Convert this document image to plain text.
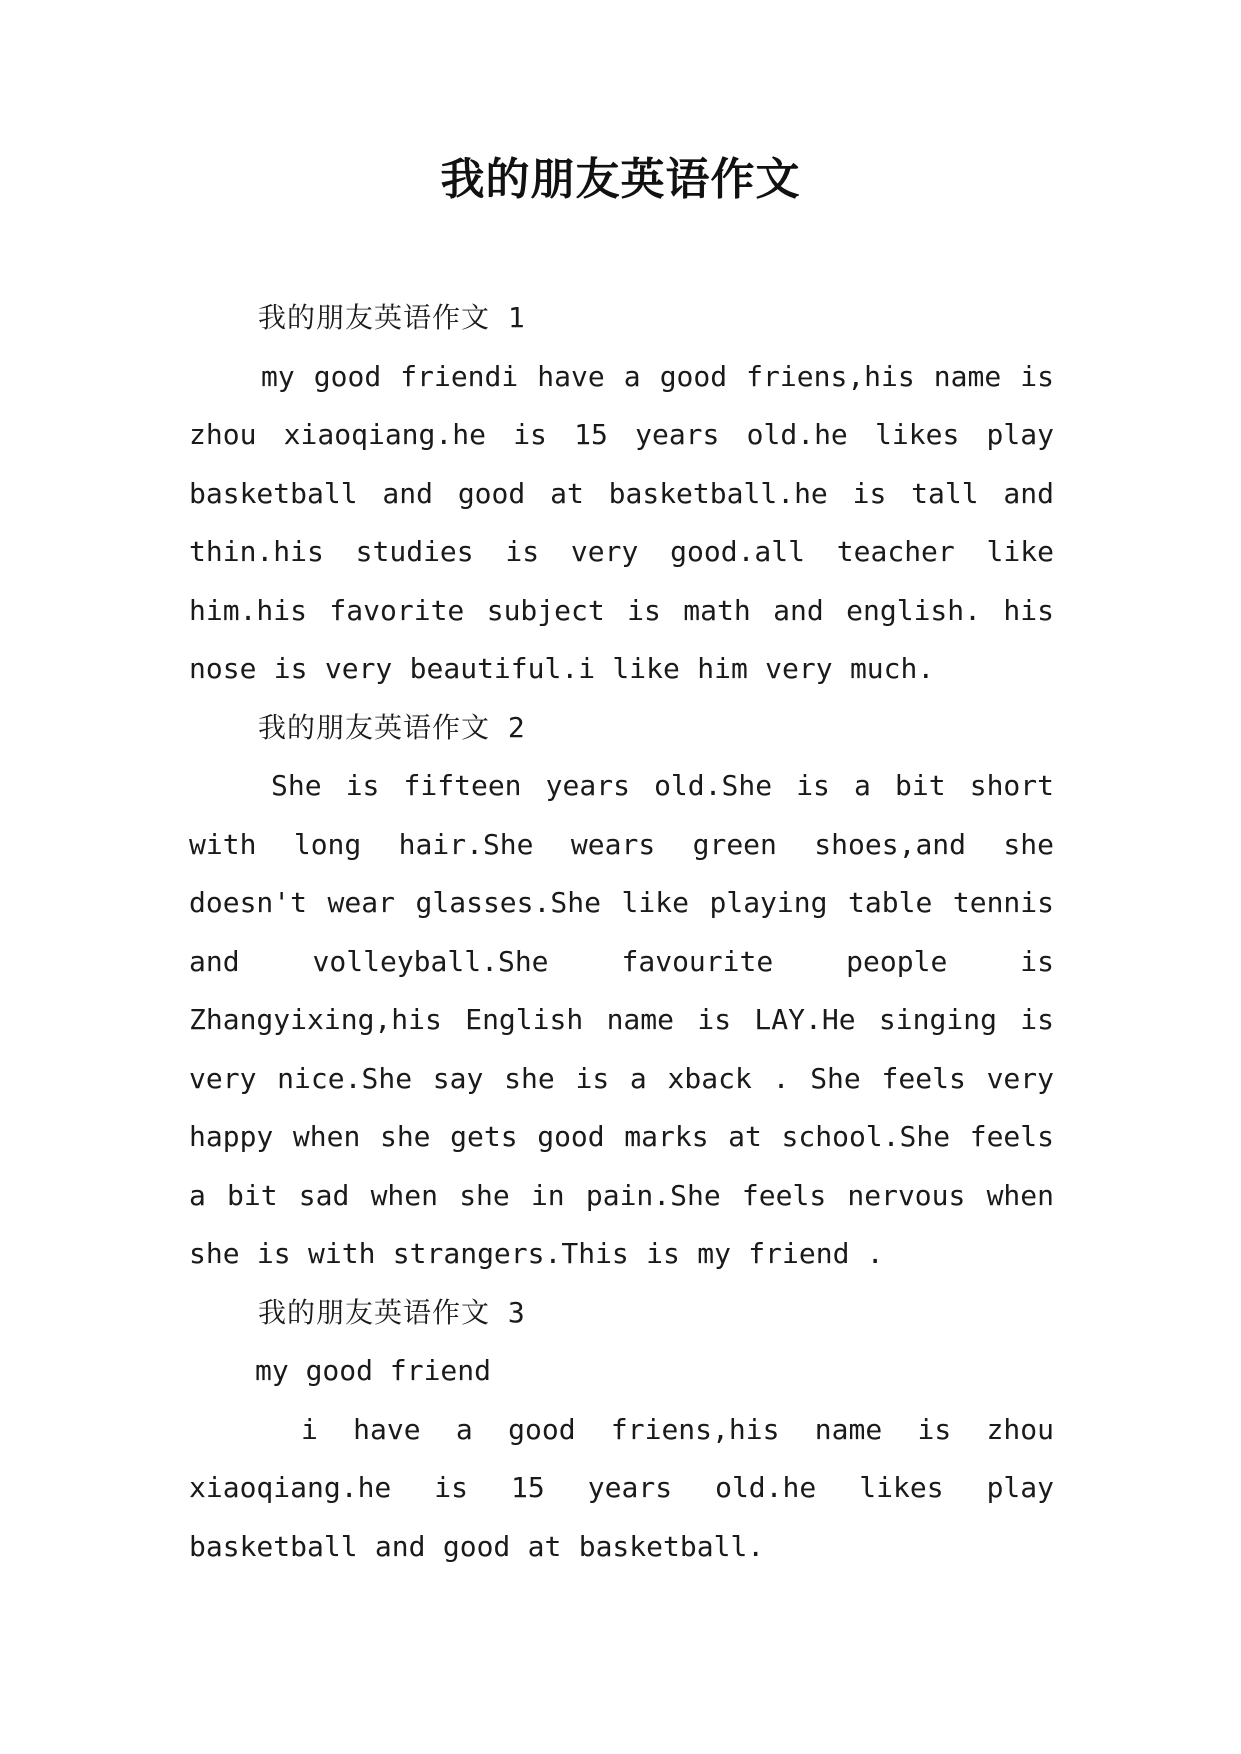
我的朋友英语作文

我的朋友英语作文 1

my good friendi have a good friens,his name is zhou xiaoqiang.he is 15 years old.he likes play basketball and good at basketball.he is tall and thin.his studies is very good.all teacher like him.his favorite subject is math and english. his nose is very beautiful.i like him very much.

我的朋友英语作文 2

She is fifteen years old.She is a bit short with long hair.She wears green shoes,and she doesn't wear glasses.She like playing table tennis and volleyball.She favourite people is Zhangyixing,his English name is LAY.He singing is very nice.She say she is a xback . She feels very happy when she gets good marks at school.She feels a bit sad when she in pain.She feels nervous when she is with strangers.This is my friend .

我的朋友英语作文 3

my good friend

i have a good friens,his name is zhou xiaoqiang.he is 15 years old.he likes play basketball and good at basketball.
